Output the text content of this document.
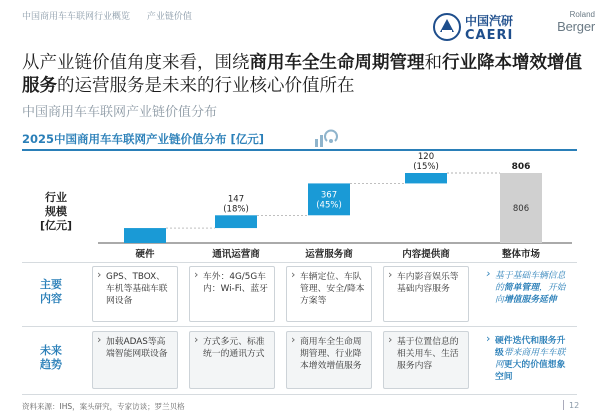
中国商用车车联网行业概览 产业链价值	中国汽研
CAERI
Roland
Berger
从产业链价值角度来看，围绕商用车全生命周期管理和行业降本增效增值服务的运营服务是未来的行业核心价值所在
中国商用车车联网产业链价值分布
2025中国商用车车联网产业链价值分布 [亿元]
行业
规模
[亿元]
172
(21%)
硬件
147
(18%)
通讯运营商
367
(45%)
运营服务商
120
(15%)
内容提供商
806
806
整体市场
主要
内容
未来
趋势
› GPS、TBOX、车机等基础车联网设备
› 车外：4G/5G车内：Wi-Fi、蓝牙
› 车辆定位、车队管理、安全/降本方案等
› 车内影音娱乐等基础内容服务
› 基于基础车辆信息的简单管理，开始向增值服务延伸
› 加载ADAS等高端智能网联设备
› 方式多元、标准统一的通讯方式
› 商用车全生命周期管理、行业降本增效增值服务
› 基于位置信息的相关用车、生活服务内容
› 硬件迭代和服务升级带来商用车车联网更大的价值想象空间
资料来源：IHS，案头研究，专家访谈；罗兰贝格	12
